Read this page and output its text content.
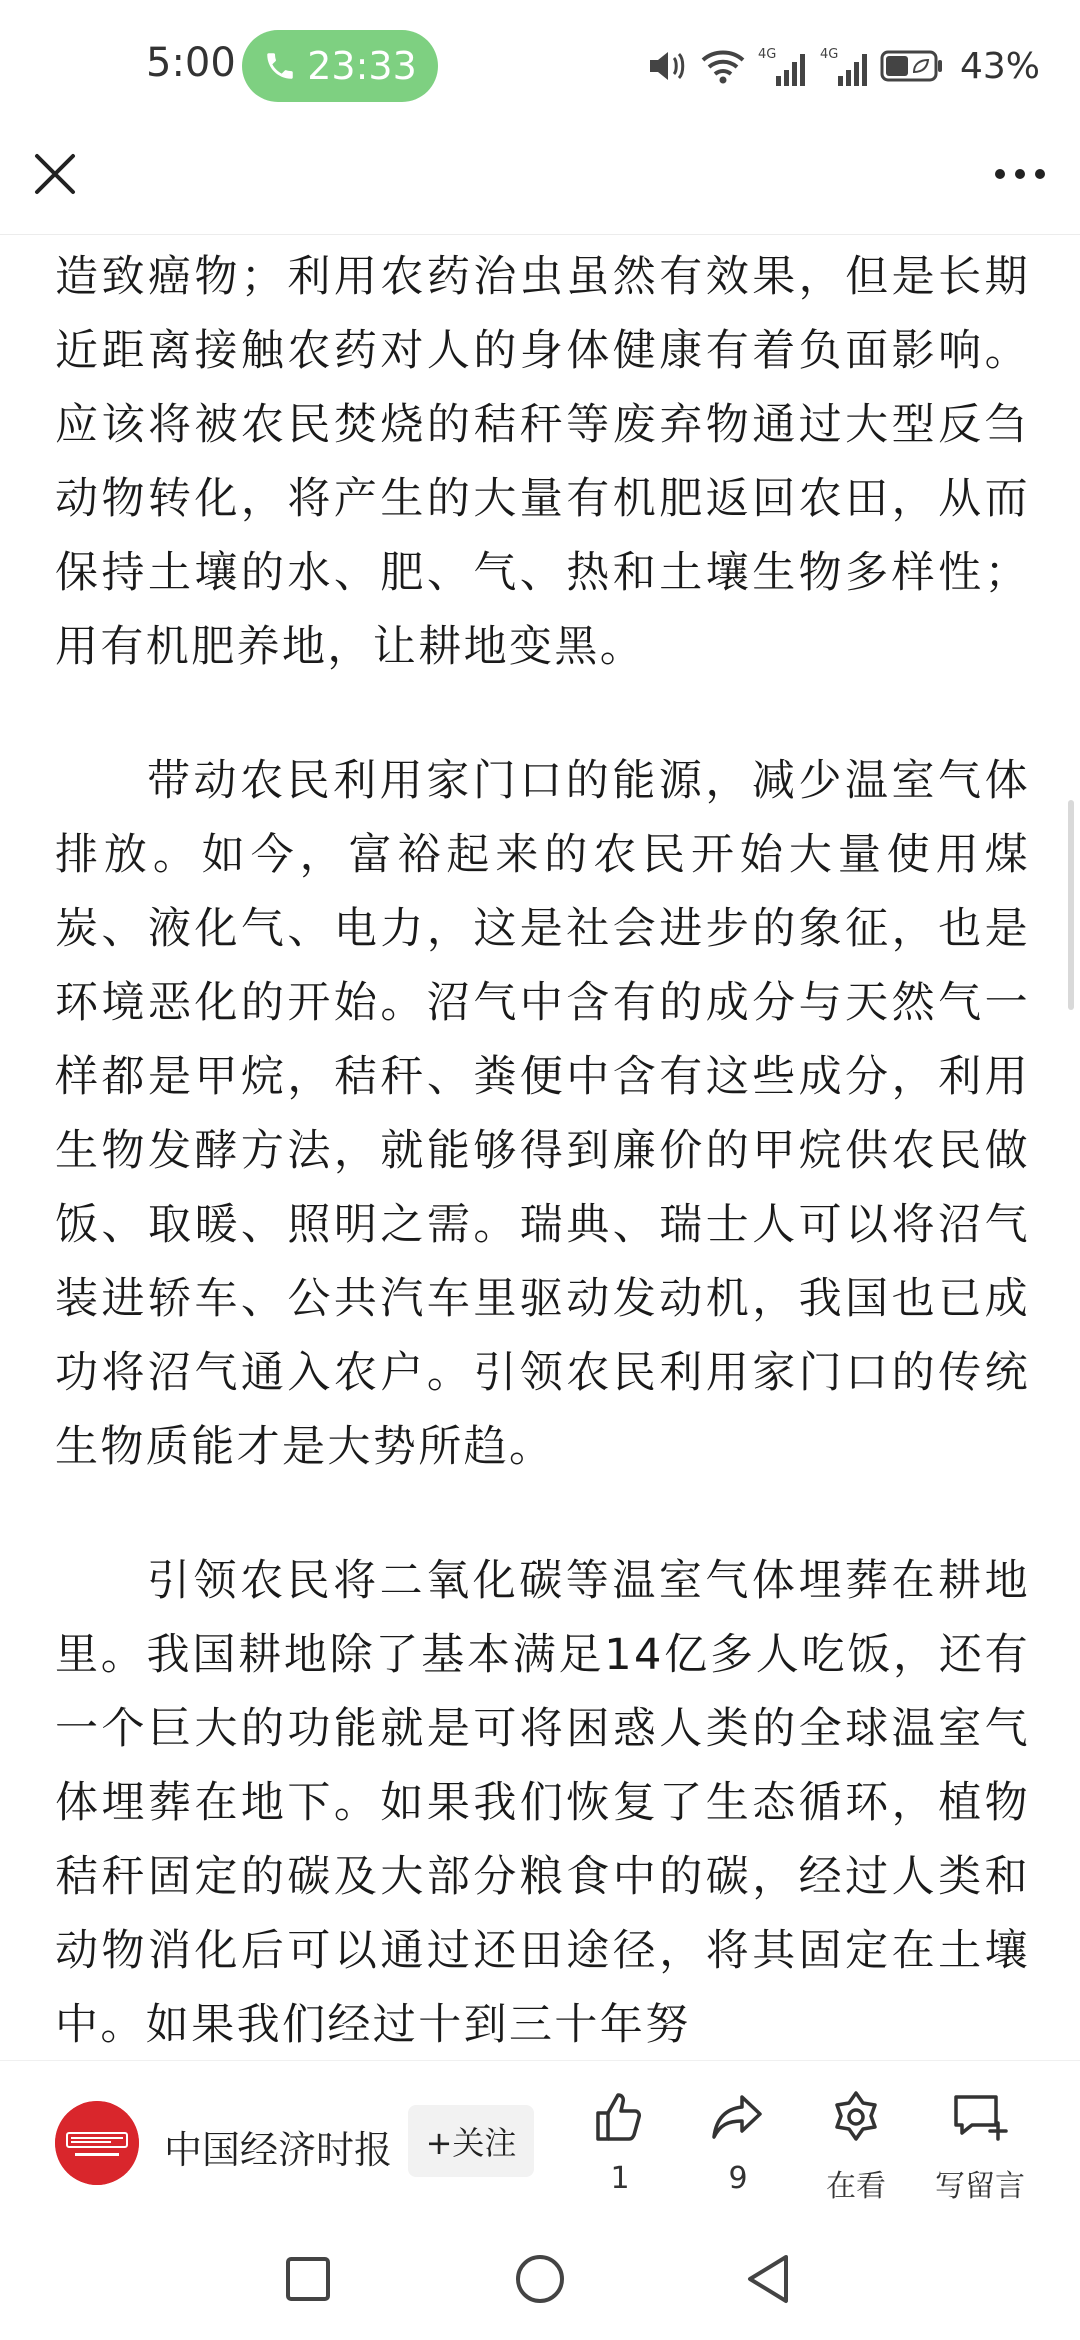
5:00 23:33	4G	4G	43%

造致癌物；利用农药治虫虽然有效果，但是长期近距离接触农药对人的身体健康有着负面影响。应该将被农民焚烧的秸秆等废弃物通过大型反刍动物转化，将产生的大量有机肥返回农田，从而保持土壤的水、肥、气、热和土壤生物多样性；用有机肥养地，让耕地变黑。

带动农民利用家门口的能源，减少温室气体排放。如今，富裕起来的农民开始大量使用煤炭、液化气、电力，这是社会进步的象征，也是环境恶化的开始。沼气中含有的成分与天然气一样都是甲烷，秸秆、粪便中含有这些成分，利用生物发酵方法，就能够得到廉价的甲烷供农民做饭、取暖、照明之需。瑞典、瑞士人可以将沼气装进轿车、公共汽车里驱动发动机，我国也已成功将沼气通入农户。引领农民利用家门口的传统生物质能才是大势所趋。

引领农民将二氧化碳等温室气体埋葬在耕地里。我国耕地除了基本满足14亿多人吃饭，还有一个巨大的功能就是可将困惑人类的全球温室气体埋葬在地下。如果我们恢复了生态循环，植物秸秆固定的碳及大部分粮食中的碳，经过人类和动物消化后可以通过还田途径，将其固定在土壤中。如果我们经过十到三十年努

中国经济时报	+关注
1	9	在看 写留言
